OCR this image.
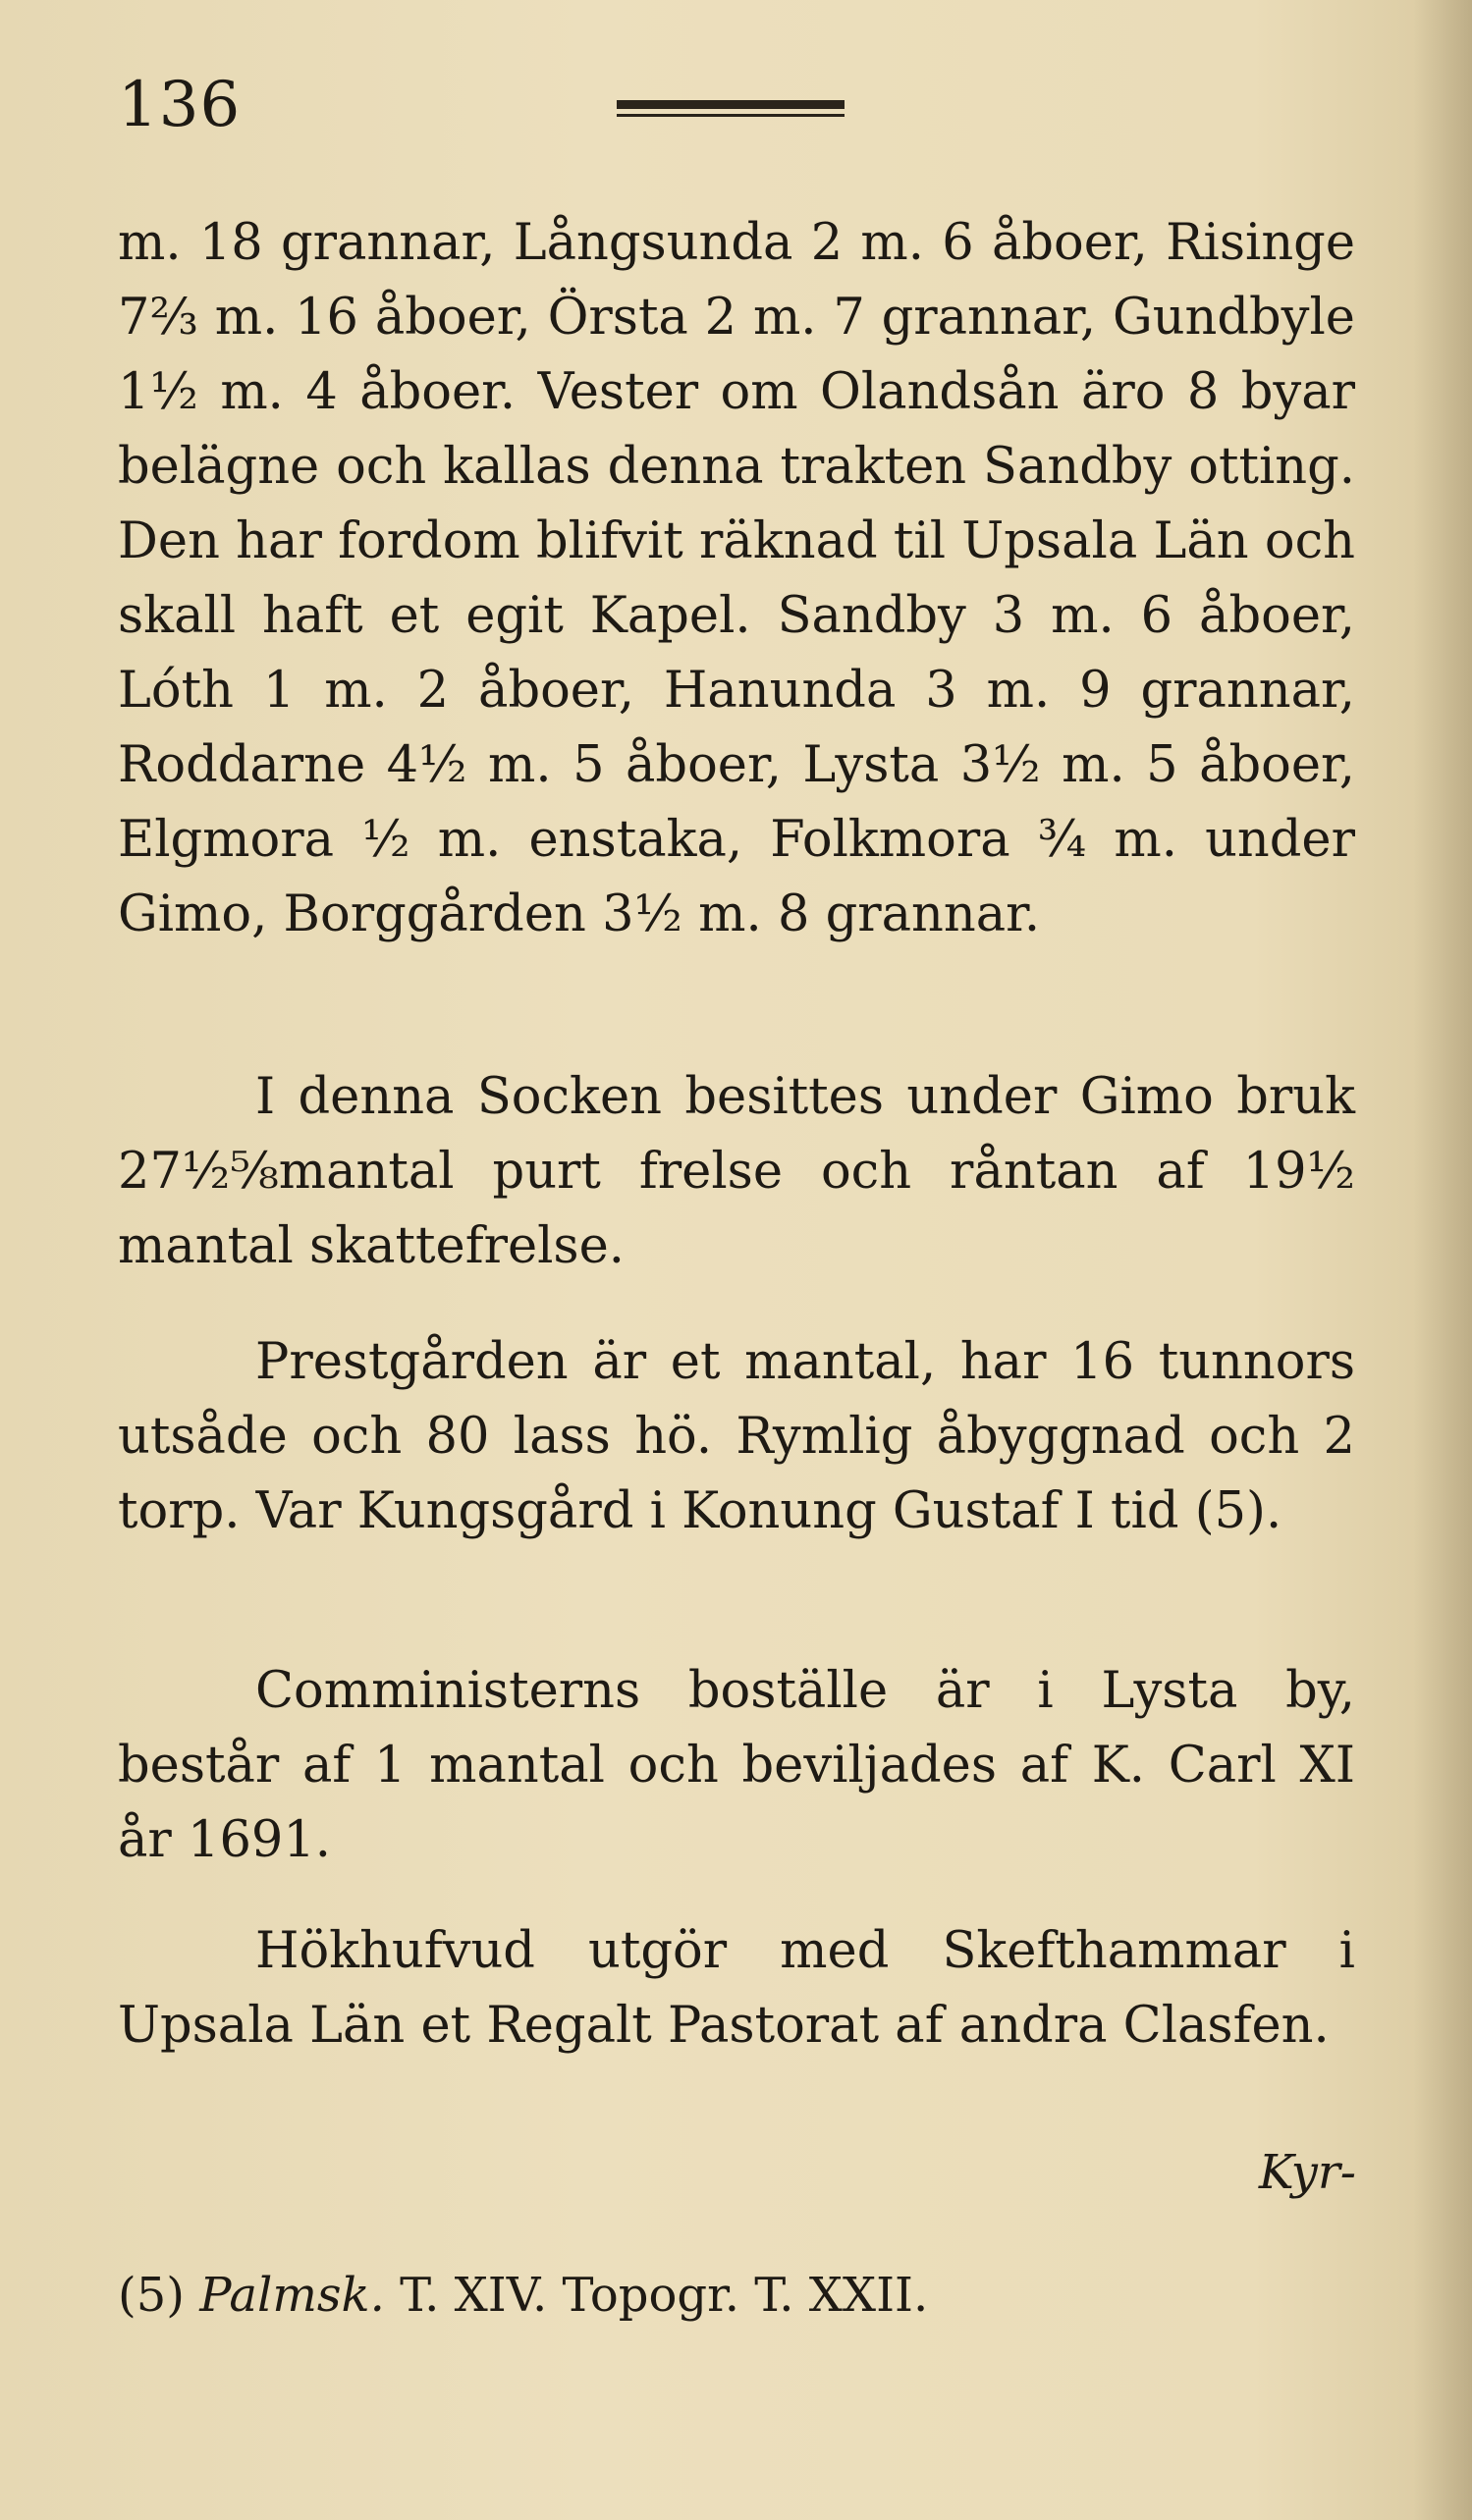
136

m. 18 grannar, Långsunda 2 m. 6 åboer, Risinge 7⅔ m. 16 åboer, Örsta 2 m. 7 grannar, Gundbyle 1½ m. 4 åboer. Vester om Olandsån äro 8 byar belägne och kallas denna trakten Sandby otting. Den har fordom blifvit räknad til Upsala Län och skall haft et egit Kapel. Sandby 3 m. 6 åboer, Lóth 1 m. 2 åboer, Hanunda 3 m. 9 grannar, Roddarne 4½ m. 5 åboer, Lysta 3½ m. 5 åboer, Elgmora ½ m. enstaka, Folkmora ¾ m. under Gimo, Borggården 3½ m. 8 grannar.

I denna Socken besittes under Gimo bruk 27½⅝mantal purt frelse och råntan af 19½ mantal skattefrelse.

Prestgården är et mantal, har 16 tunnors utsåde och 80 lass hö. Rymlig åbyggnad och 2 torp. Var Kungsgård i Konung Gustaf I tid (5).

Comministerns boställe är i Lysta by, består af 1 mantal och beviljades af K. Carl XI år 1691.

Hökhufvud utgör med Skefthammar i Upsala Län et Regalt Pastorat af andra Clasfen.

Kyr-
(5) Palmsk. T. XIV. Topogr. T. XXII.
